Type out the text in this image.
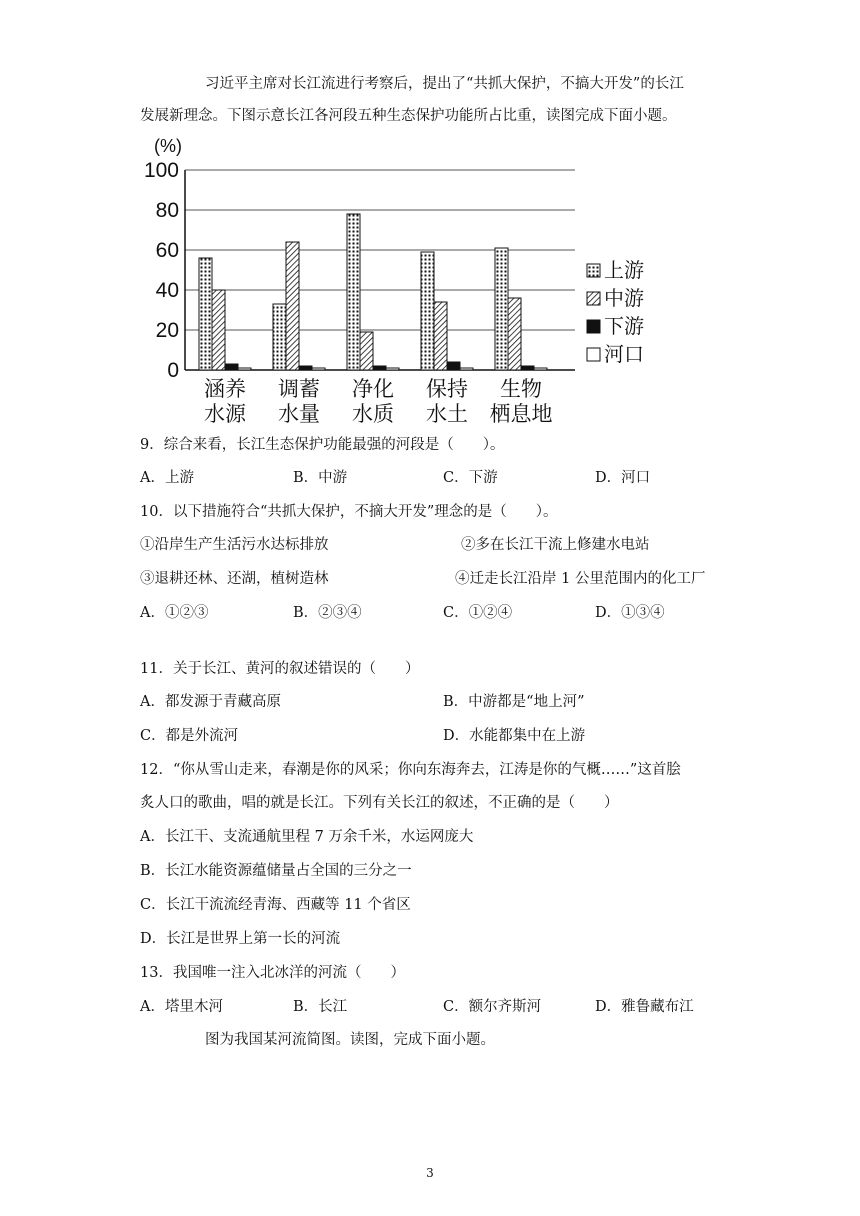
习近平主席对长江流进行考察后，提出了“共抓大保护，不搞大开发”的长江
发展新理念。下图示意长江各河段五种生态保护功能所占比重，读图完成下面小题。
(%)
0
20
40
60
80
100
涵养
水源
调蓄
水量
净化
水质
保持
水土
生物
栖息地
上游
中游
下游
河口
9．综合来看，长江生态保护功能最强的河段是（　　）。
A．上游	B．中游	C．下游	D．河口
10．以下措施符合“共抓大保护，不摘大开发”理念的是（　　）。
①沿岸生产生活污水达标排放	②多在长江干流上修建水电站
③退耕还林、还湖，植树造林	④迁走长江沿岸 1 公里范围内的化工厂
A．①②③	B．②③④	C．①②④	D．①③④
11．关于长江、黄河的叙述错误的（　　）
A．都发源于青藏高原	B．中游都是“地上河”
C．都是外流河	D．水能都集中在上游
12．“你从雪山走来，春潮是你的风采；你向东海奔去，江涛是你的气概……”这首脍
炙人口的歌曲，唱的就是长江。下列有关长江的叙述，不正确的是（　　）
A．长江干、支流通航里程 7 万余千米，水运网庞大
B．长江水能资源蕴储量占全国的三分之一
C．长江干流流经青海、西藏等 11 个省区
D．长江是世界上第一长的河流
13．我国唯一注入北冰洋的河流（　　）
A．塔里木河	B．长江	C．额尔齐斯河	D．雅鲁藏布江
图为我国某河流简图。读图，完成下面小题。
3
